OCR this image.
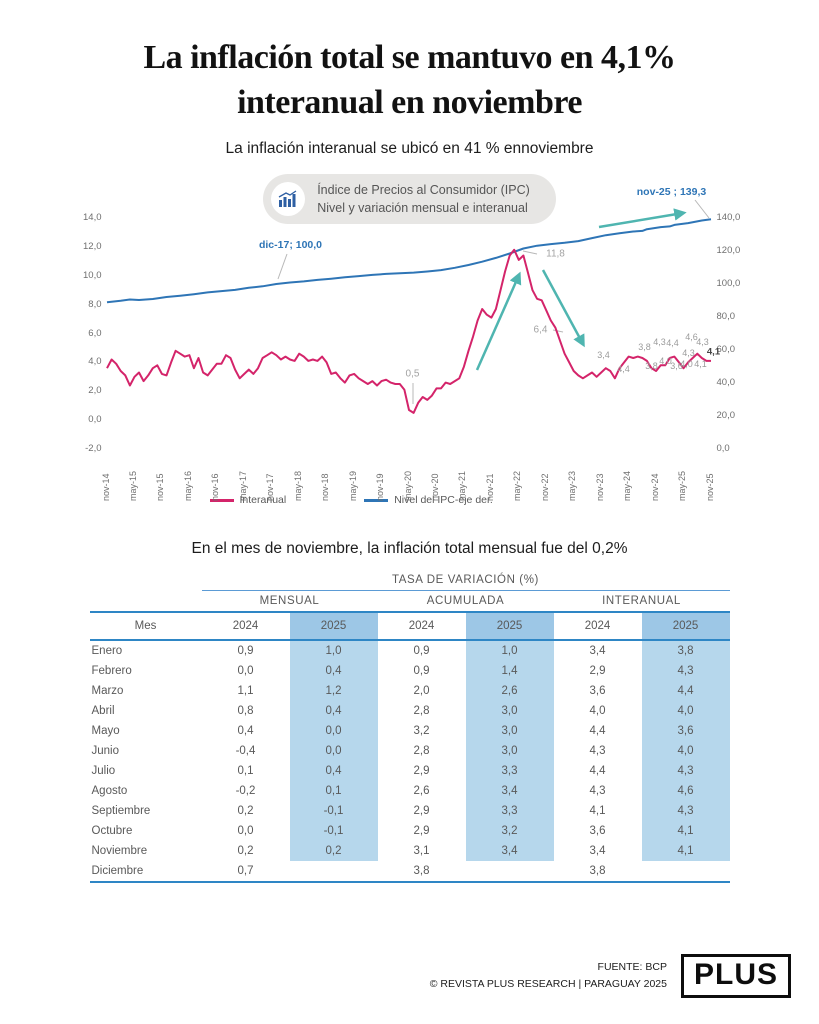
La inflación total se mantuvo en 4,1%
interanual en noviembre

La inflación interanual se ubicó en 41 % ennoviembre

Índice de Precios al Consumidor (IPC)
Nivel y variación mensual e interanual
Interanual	Nivel del IPC-eje der.
14,0
12,0
10,0
8,0
6,0
4,0
2,0
0,0
-2,0
140,0
120,0
100,0
80,0
60,0
40,0
20,0
0,0
nov-14 may-15 nov-15 may-16 nov-16 may-17 nov-17 may-18 nov-18 may-19 nov-19 may-20 nov-20 may-21 nov-21 may-22 nov-22 may-23 nov-23 may-24 nov-24 may-25 nov-25
dic-17; 100,0
nov-25 ; 139,3
0,5
11,8
6,4
3,4
4,4
3,8
3,8
4,3
4,0
4,4
3,6
4,3
4,0
4,6
4,3
4,1
4,1

En el mes de noviembre, la inflación total mensual fue del 0,2%

	TASA DE VARIACIÓN (%)					
	MENSUAL		ACUMULADA		INTERANUAL	
Mes	2024	2025	2024	2025	2024	2025
Enero	0,9	1,0	0,9	1,0	3,4	3,8
Febrero	0,0	0,4	0,9	1,4	2,9	4,3
Marzo	1,1	1,2	2,0	2,6	3,6	4,4
Abril	0,8	0,4	2,8	3,0	4,0	4,0
Mayo	0,4	0,0	3,2	3,0	4,4	3,6
Junio	-0,4	0,0	2,8	3,0	4,3	4,0
Julio	0,1	0,4	2,9	3,3	4,4	4,3
Agosto	-0,2	0,1	2,6	3,4	4,3	4,6
Septiembre	0,2	-0,1	2,9	3,3	4,1	4,3
Octubre	0,0	-0,1	2,9	3,2	3,6	4,1
Noviembre	0,2	0,2	3,1	3,4	3,4	4,1
Diciembre	0,7		3,8		3,8	
FUENTE: BCP
© REVISTA PLUS RESEARCH | PARAGUAY 2025 PLUS
